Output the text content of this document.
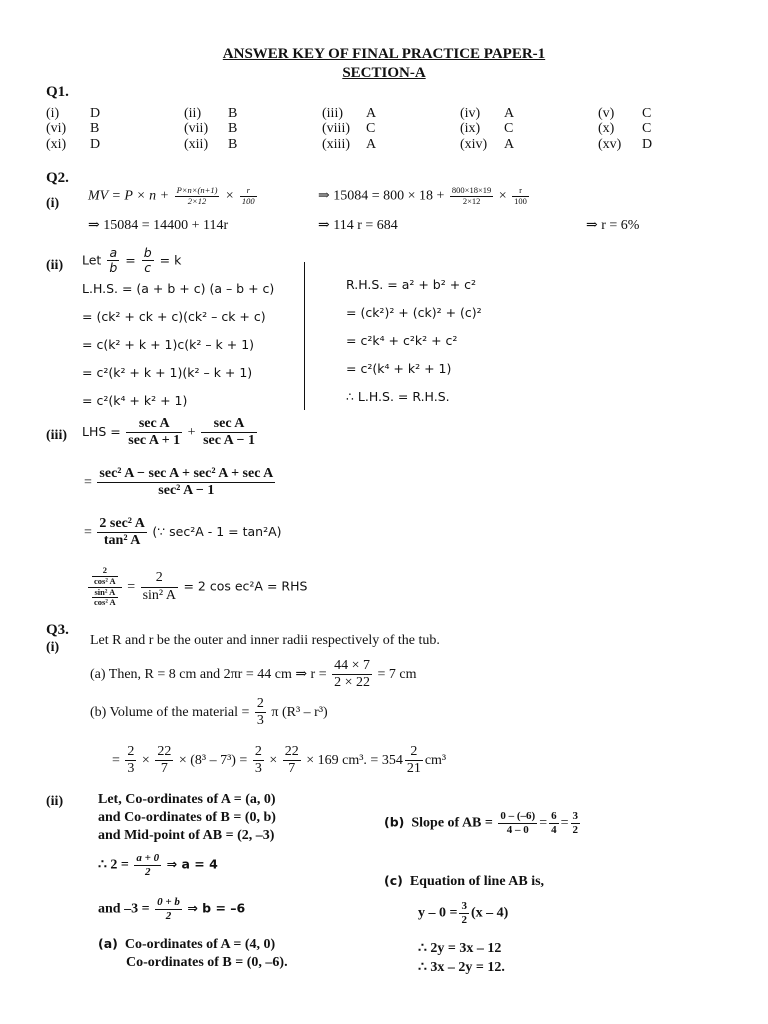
ANSWER KEY OF FINAL PRACTICE PAPER-1
SECTION-A
Q1.
(i) D	(ii) B	(iii) A	(iv) A	(v) C
(vi) B	(vii) B	(viii) C	(ix) C	(x) C
(xi) D	(xii) B	(xiii) A	(xiv) A	(xv) D
Q2.
(i)
MV = $P \times n + \frac{P\times n\times(n+1)}{2\times 12} \times \frac{r}{100}$	⇒ $15084 = 800 \times 18 + \frac{800\times 18\times 19}{2\times 12} \times \frac{r}{100}$
⇒ 15084 = 14400 + 114r	⇒ 114 r = 684	⇒ r = 6%
(ii) Let $\frac{a}{b} = \frac{b}{c} = k$
L.H.S. = (a + b + c) (a – b + c)
= (ck² + ck + c)(ck² – ck + c)
= c(k² + k + 1)c(k² – k + 1)
= c²(k² + k + 1)(k² – k + 1)
= c²(k⁴ + k² + 1)
R.H.S. = a² + b² + c²
= (ck²)² + (ck)² + (c)²
= c²k⁴ + c²k² + c²
= c²(k⁴ + k² + 1)
∴ L.H.S. = R.H.S.
(iii) LHS = $\frac{\text{sec A}}{\text{sec A + 1}} + \frac{\text{sec A}}{\text{sec A − 1}}$
= $\frac{\text{sec² A − sec A + sec² A + sec A}}{\text{sec² A − 1}}$
= $\frac{\text{2 sec² A}}{\text{tan² A}}$ (∵ sec²A - 1 = tan²A)
$\frac{\frac{2}{\text{cos² A}}}{\frac{\text{sin² A}}{\text{cos² A}}} = \frac{2}{\text{sin² A}} = 2$ cos ec²A = RHS
Q3.
(i) Let R and r be the outer and inner radii respectively of the tub.
(a) Then, R = 8 cm and 2πr = 44 cm ⇒ $r = \frac{44 \times 7}{2 \times 22} = 7$ cm
(b) Volume of the material = $\frac{2}{3}$ π (R³ – r³)
= $\frac{2}{3} \times \frac{22}{7} \times (8^3 - 7^3) = \frac{2}{3} \times \frac{22}{7} \times 169$ cm³. = $354 \frac{2}{21} cm^3$
(ii) Let, Co-ordinates of A = (a, 0)
and Co-ordinates of B = (0, b)
and Mid-point of AB = (2, –3)
∴ $2 = \frac{a + 0}{2}$ ⇒ a = 4
and $-3 = \frac{0 + b}{2}$ ⇒ b = –6
(a) Co-ordinates of A = (4, 0)
Co-ordinates of B = (0, –6).
(b) Slope of AB = $\frac{0 - (-6)}{4 - 0} = \frac{6}{4} = \frac{3}{2}$
(c) Equation of line AB is,
$y - 0 = \frac{3}{2} (x - 4)$
∴ 2y = 3x – 12
∴ 3x – 2y = 12.
